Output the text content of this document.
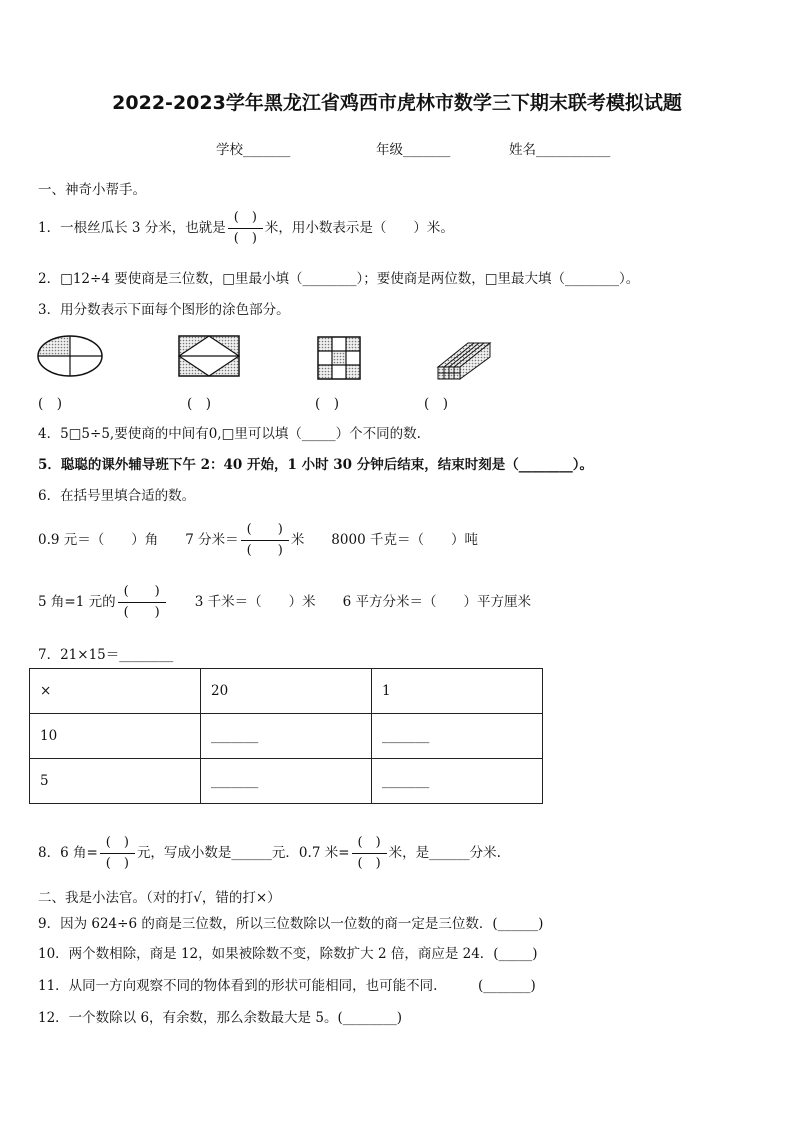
2022-2023学年黑龙江省鸡西市虎林市数学三下期末联考模拟试题
学校_______	年级_______	姓名___________
一、神奇小帮手。
1．一根丝瓜长 3 分米，也就是 $\frac{( )}{( )}$ 米，用小数表示是（　　）米。
2．□12÷4 要使商是三位数，□里最小填（________）；要使商是两位数，□里最大填（________）。
3．用分数表示下面每个图形的涂色部分。
(　)	(　)	(　)	(　)
4．5□5÷5,要使商的中间有0,□里可以填（_____）个不同的数.
5．聪聪的课外辅导班下午 2：40 开始，1 小时 30 分钟后结束，结束时刻是（________）。
6．在括号里填合适的数。
0.9 元＝（　　）角　　7 分米＝ $\frac{( )}{( )}$ 米　　8000 千克＝（　　）吨
5 角=1 元的 $\frac{( )}{( )}$ 　　3 千米＝（　　）米　　6 平方分米＝（　　）平方厘米
7．21×15＝________
×	20	1
10	_______	_______
5	_______	_______
8．6 角= $\frac{( )}{( )}$ 元，写成小数是______元．0.7 米= $\frac{( )}{( )}$ 米，是______分米.
二、我是小法官。（对的打√，错的打×）
9．因为 624÷6 的商是三位数，所以三位数除以一位数的商一定是三位数．(______)
10．两个数相除，商是 12，如果被除数不变，除数扩大 2 倍，商应是 24．(_____)
11．从同一方向观察不同的物体看到的形状可能相同，也可能不同.　　　(_______)
12．一个数除以 6，有余数，那么余数最大是 5。(________)
